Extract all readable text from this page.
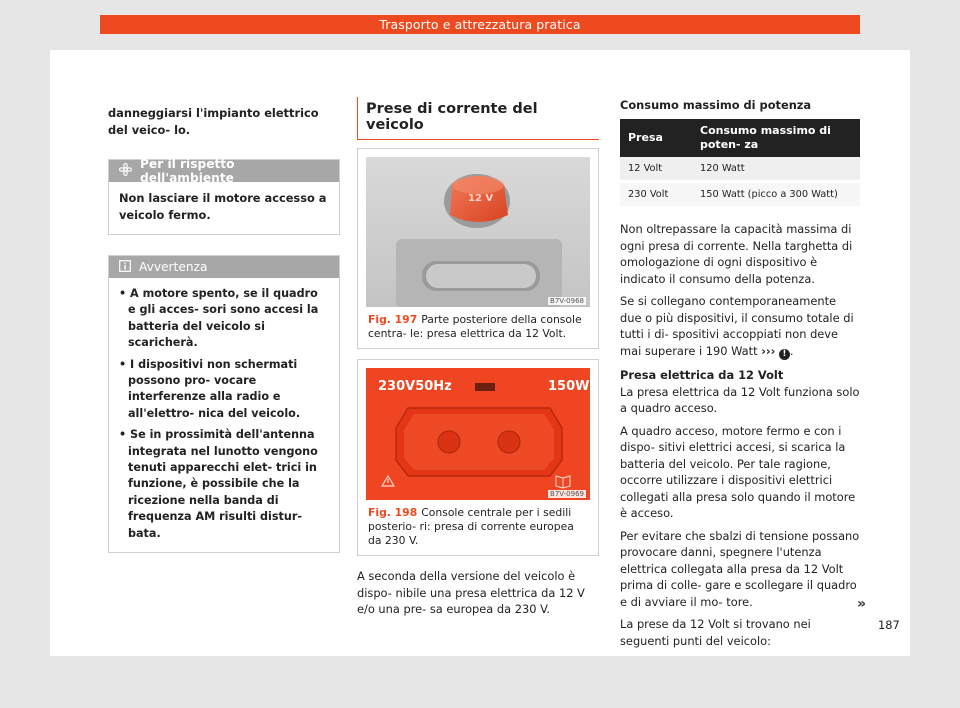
Trasporto e attrezzatura pratica

danneggiarsi l'impianto elettrico del veico- lo.

Per il rispetto dell'ambiente

Non lasciare il motore accesso a veicolo fermo.

Avvertenza
• A motore spento, se il quadro e gli acces- sori sono accesi la batteria del veicolo si scaricherà.
• I dispositivi non schermati possono pro- vocare interferenze alla radio e all'elettro- nica del veicolo.
• Se in prossimità dell'antenna integrata nel lunotto vengono tenuti apparecchi elet- trici in funzione, è possibile che la ricezione nella banda di frequenza AM risulti distur- bata.
Prese di corrente del veicolo
12 V
B7V-0968

Fig. 197 Parte posteriore della console centra- le: presa elettrica da 12 Volt.

230V50Hz	150W
B7V-0969

Fig. 198 Console centrale per i sedili posterio- ri: presa di corrente europea da 230 V.

A seconda della versione del veicolo è dispo- nibile una presa elettrica da 12 V e/o una pre- sa europea da 230 V.

Consumo massimo di potenza

Presa	Consumo massimo di poten- za
12 Volt	120 Watt
230 Volt	150 Watt (picco a 300 Watt)

Non oltrepassare la capacità massima di ogni presa di corrente. Nella targhetta di omologazione di ogni dispositivo è indicato il consumo della potenza.

Se si collegano contemporaneamente due o più dispositivi, il consumo totale di tutti i di- spositivi accoppiati non deve mai superare i 190 Watt ››› ! .

Presa elettrica da 12 Volt

La presa elettrica da 12 Volt funziona solo a quadro acceso.

A quadro acceso, motore fermo e con i dispo- sitivi elettrici accesi, si scarica la batteria del veicolo. Per tale ragione, occorre utilizzare i dispositivi elettrici collegati alla presa solo quando il motore è acceso.

Per evitare che sbalzi di tensione possano provocare danni, spegnere l'utenza elettrica collegata alla presa da 12 Volt prima di colle- gare e scollegare il quadro e di avviare il mo- tore.

La prese da 12 Volt si trovano nei seguenti punti del veicolo:

»
187
